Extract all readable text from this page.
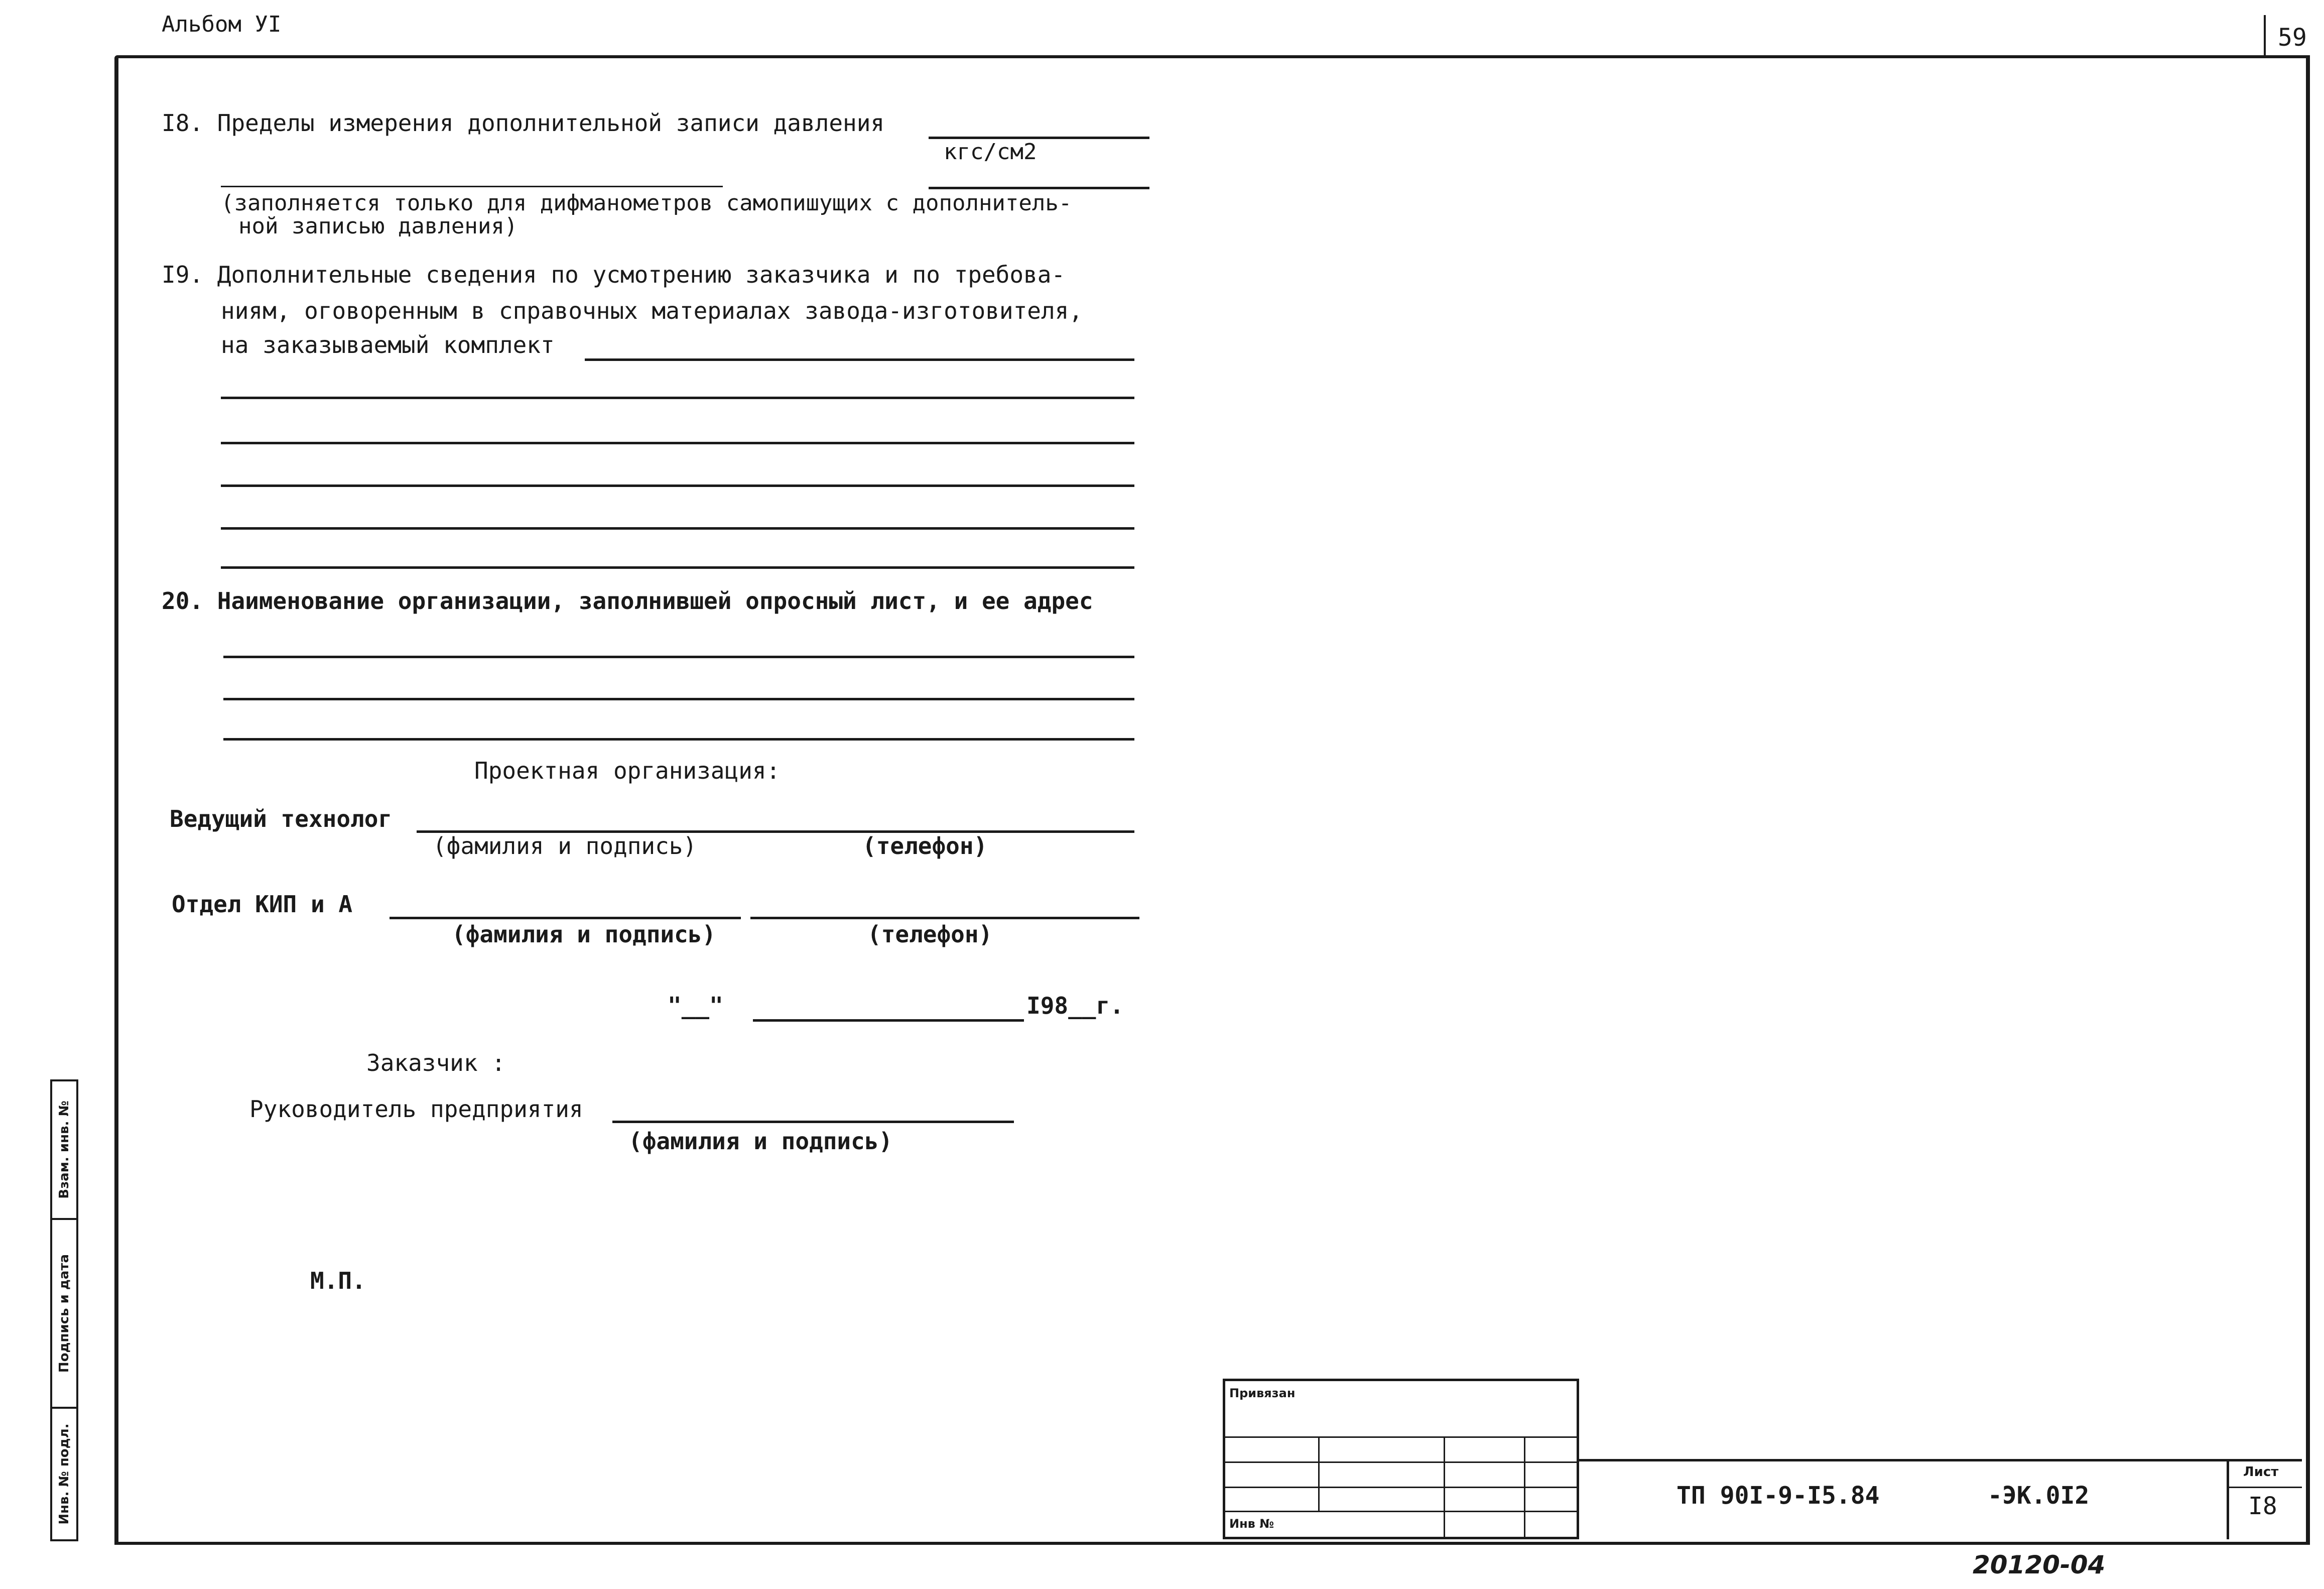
Альбом УI	59
I8. Пределы измерения дополнительной записи давления
кгс/см2
(заполняется только для дифманометров самопишущих с дополнитель-
ной записью давления)
I9. Дополнительные сведения по усмотрению заказчика и по требова-
ниям, оговоренным в справочных материалах завода-изготовителя,
на заказываемый комплект
20. Наименование организации, заполнившей опросный лист, и ее адрес
Проектная организация:
Ведущий технолог
(фамилия и подпись)	(телефон)
Отдел КИП и А
(фамилия и подпись)	(телефон)
"__"	I98__г.
Заказчик :
Руководитель предприятия
(фамилия и подпись)
М.П.
Взам. инв. №
Подпись и дата
Инв. № подл.
Привязан
Инв №
ТП 90I-9-I5.84	-ЭК.0I2
Лист
I8
20120-04
